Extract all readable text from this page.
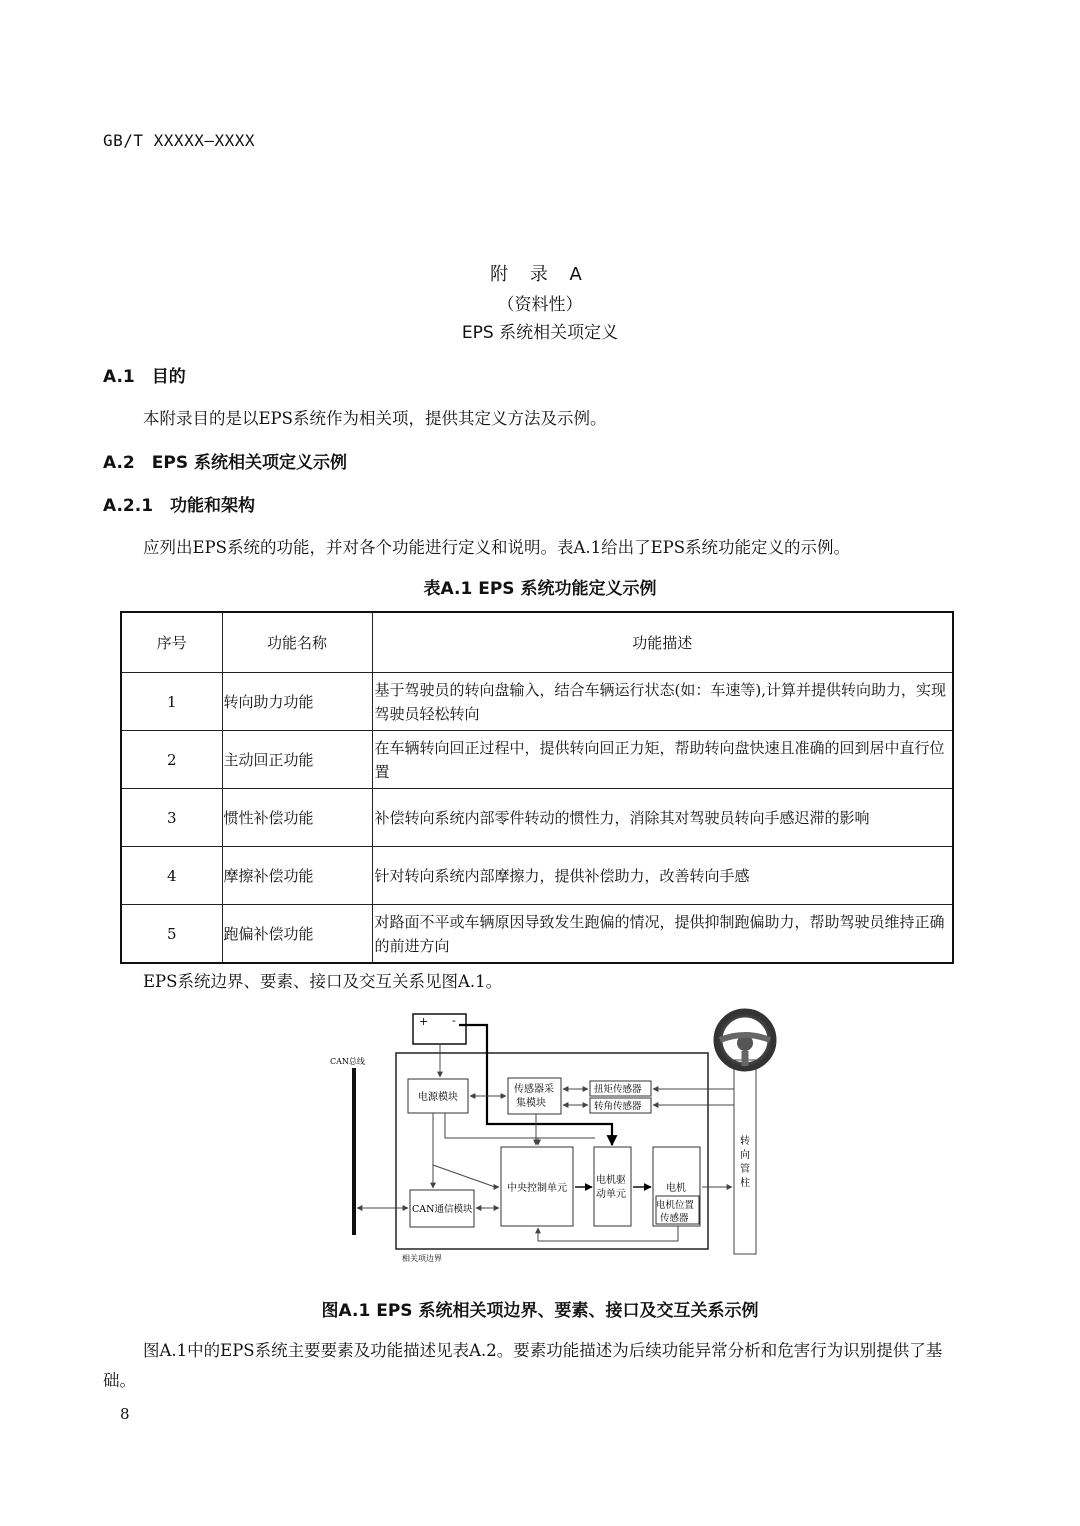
GB/T XXXXX—XXXX
附 录 A
（资料性）
EPS 系统相关项定义
A.1　目的
本附录目的是以EPS系统作为相关项，提供其定义方法及示例。
A.2　EPS 系统相关项定义示例
A.2.1　功能和架构
应列出EPS系统的功能，并对各个功能进行定义和说明。表A.1给出了EPS系统功能定义的示例。
表A.1 EPS 系统功能定义示例
序号	功能名称	功能描述
1	转向助力功能	基于驾驶员的转向盘输入，结合车辆运行状态(如：车速等),计算并提供转向助力，实现驾驶员轻松转向
2	主动回正功能	在车辆转向回正过程中，提供转向回正力矩，帮助转向盘快速且准确的回到居中直行位置
3	惯性补偿功能	补偿转向系统内部零件转动的惯性力，消除其对驾驶员转向手感迟滞的影响
4	摩擦补偿功能	针对转向系统内部摩擦力，提供补偿助力，改善转向手感
5	跑偏补偿功能	对路面不平或车辆原因导致发生跑偏的情况，提供抑制跑偏助力，帮助驾驶员维持正确的前进方向
EPS系统边界、要素、接口及交互关系见图A.1。
CAN总线
+ -
电源模块
传感器采
集模块
扭矩传感器
转角传感器
转
向
管
柱
中央控制单元
电机驱
动单元
电机
电机位置
传感器
CAN通信模块
相关项边界
图A.1 EPS 系统相关项边界、要素、接口及交互关系示例
图A.1中的EPS系统主要要素及功能描述见表A.2。要素功能描述为后续功能异常分析和危害行为识别提供了基础。
8
